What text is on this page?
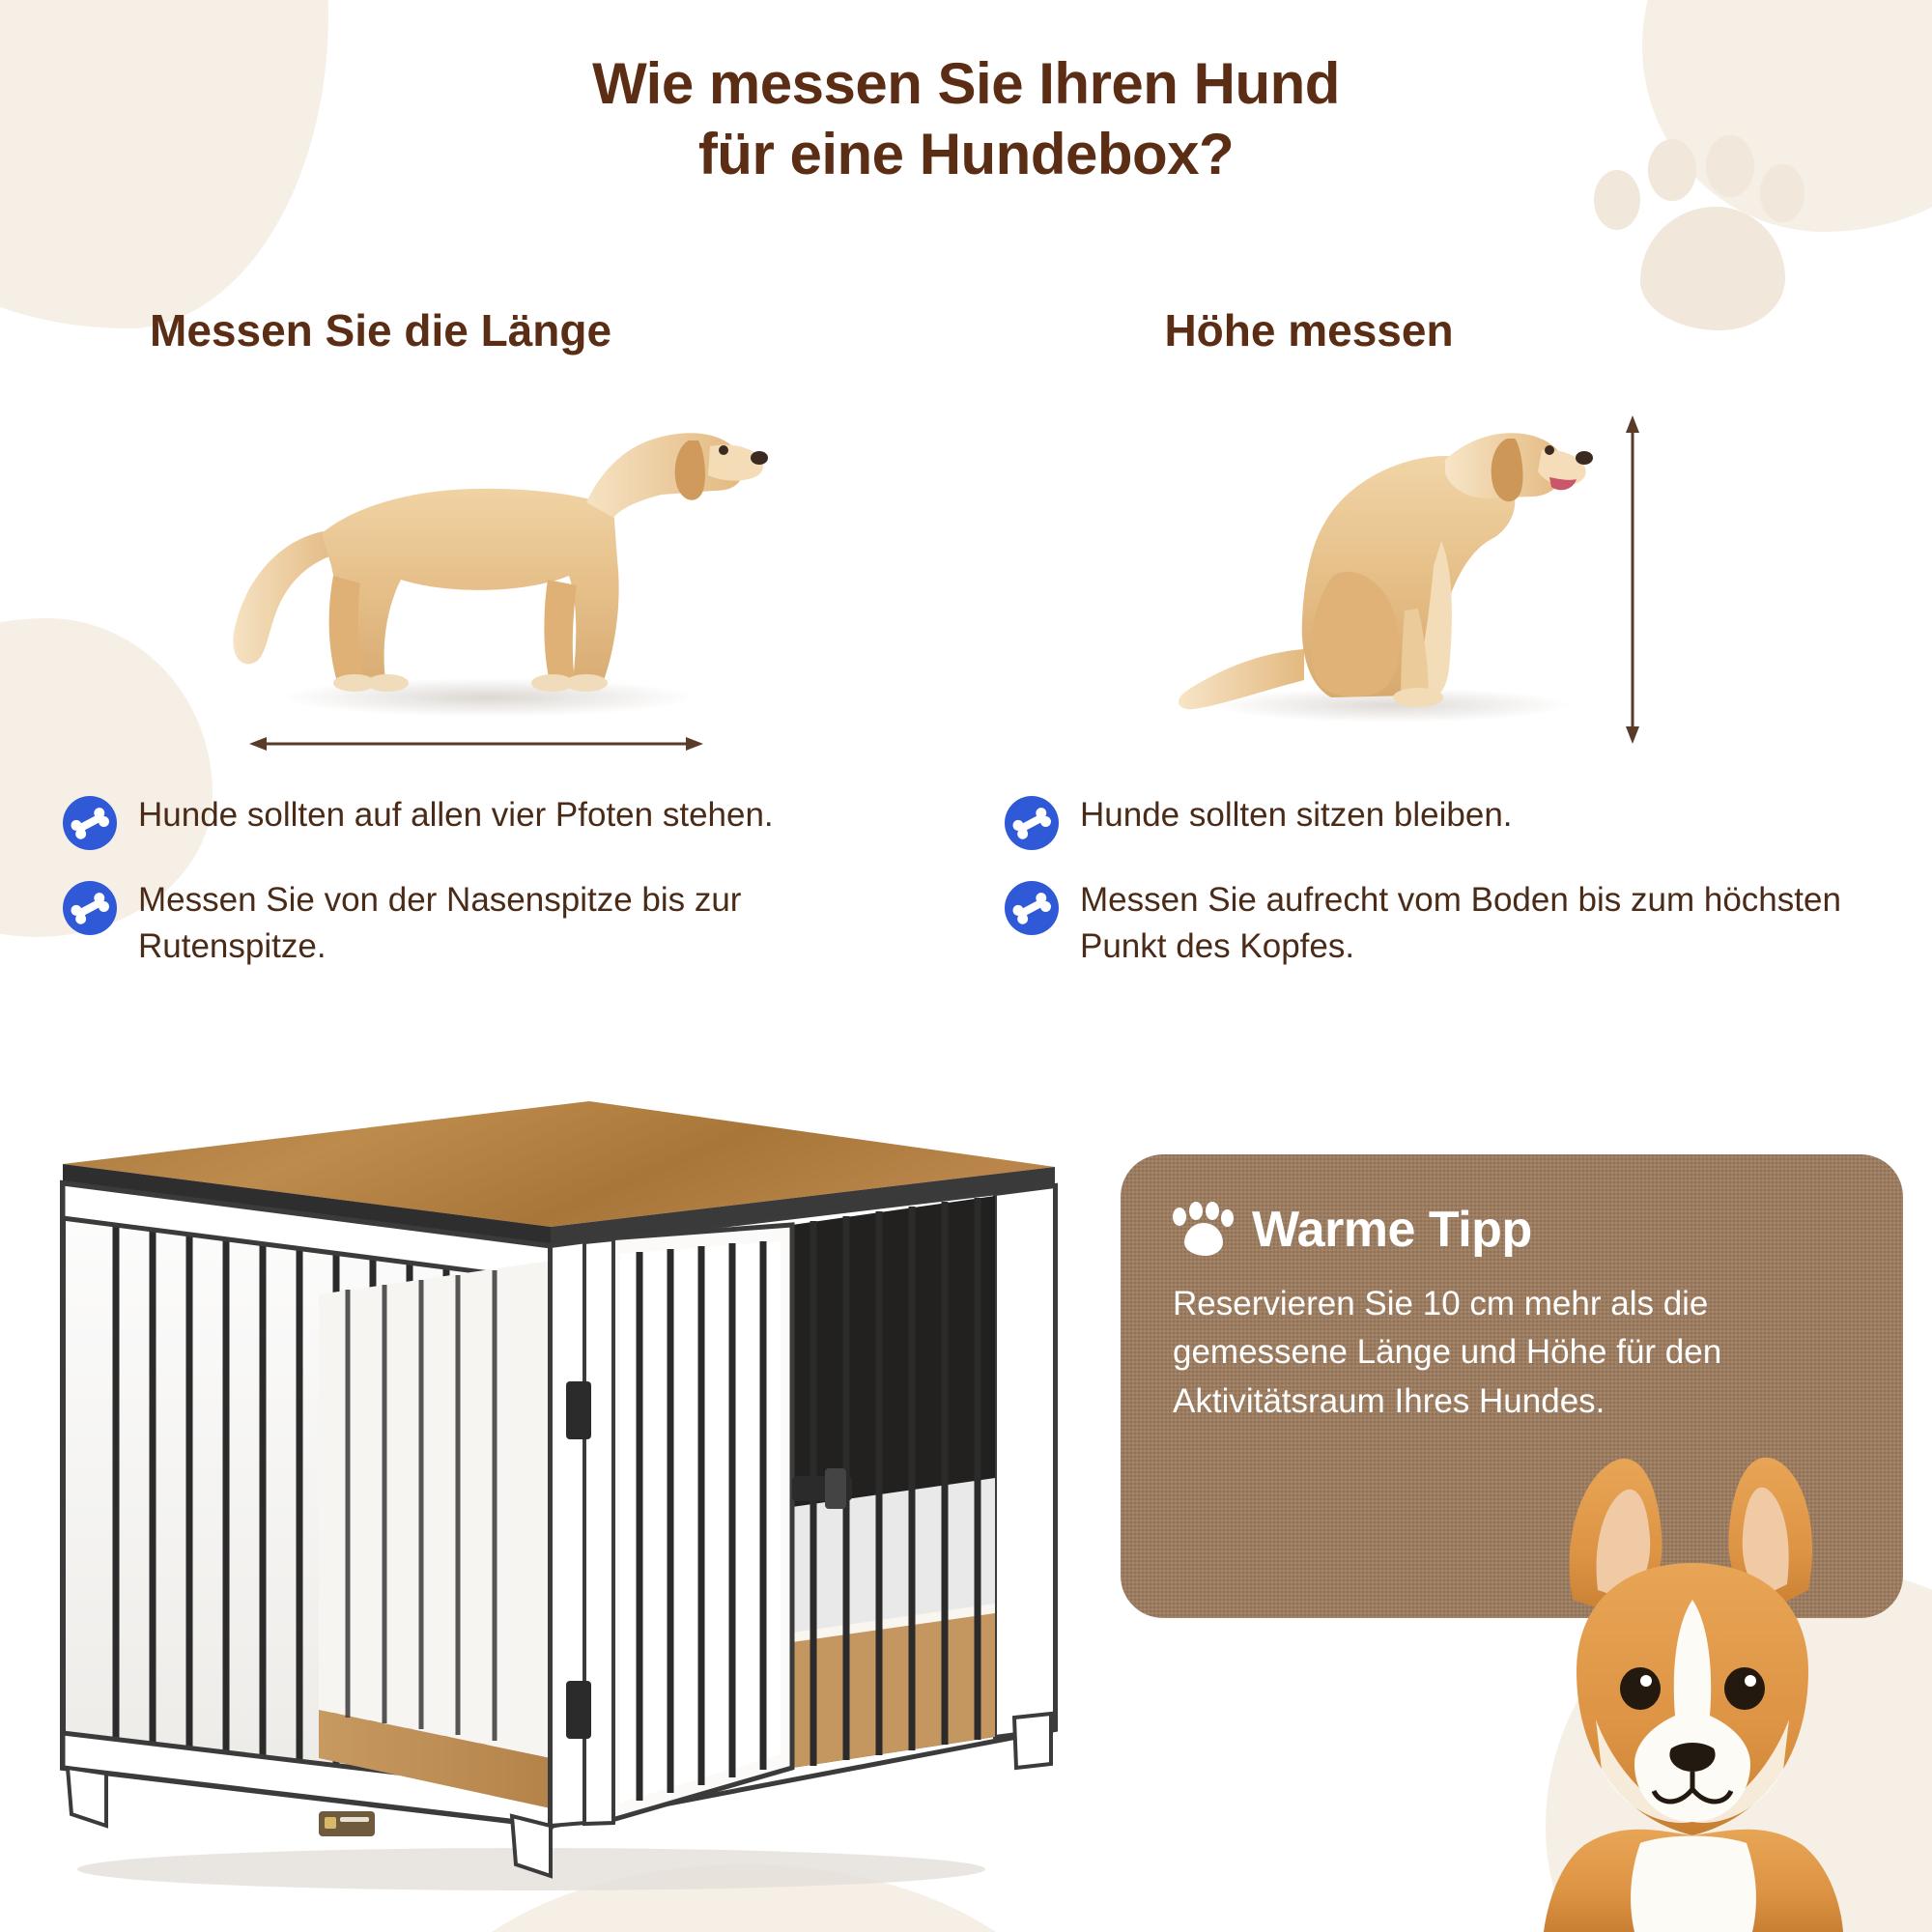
Wie messen Sie Ihren Hund
für eine Hundebox?
Messen Sie die Länge	Höhe messen
Hunde sollten auf allen vier Pfoten stehen.
Messen Sie von der Nasenspitze bis zur Rutenspitze.
Hunde sollten sitzen bleiben.
Messen Sie aufrecht vom Boden bis zum höchsten Punkt des Kopfes.
Warme Tipp
Reservieren Sie 10 cm mehr als die gemessene Länge und Höhe für den Aktivitätsraum Ihres Hundes.
